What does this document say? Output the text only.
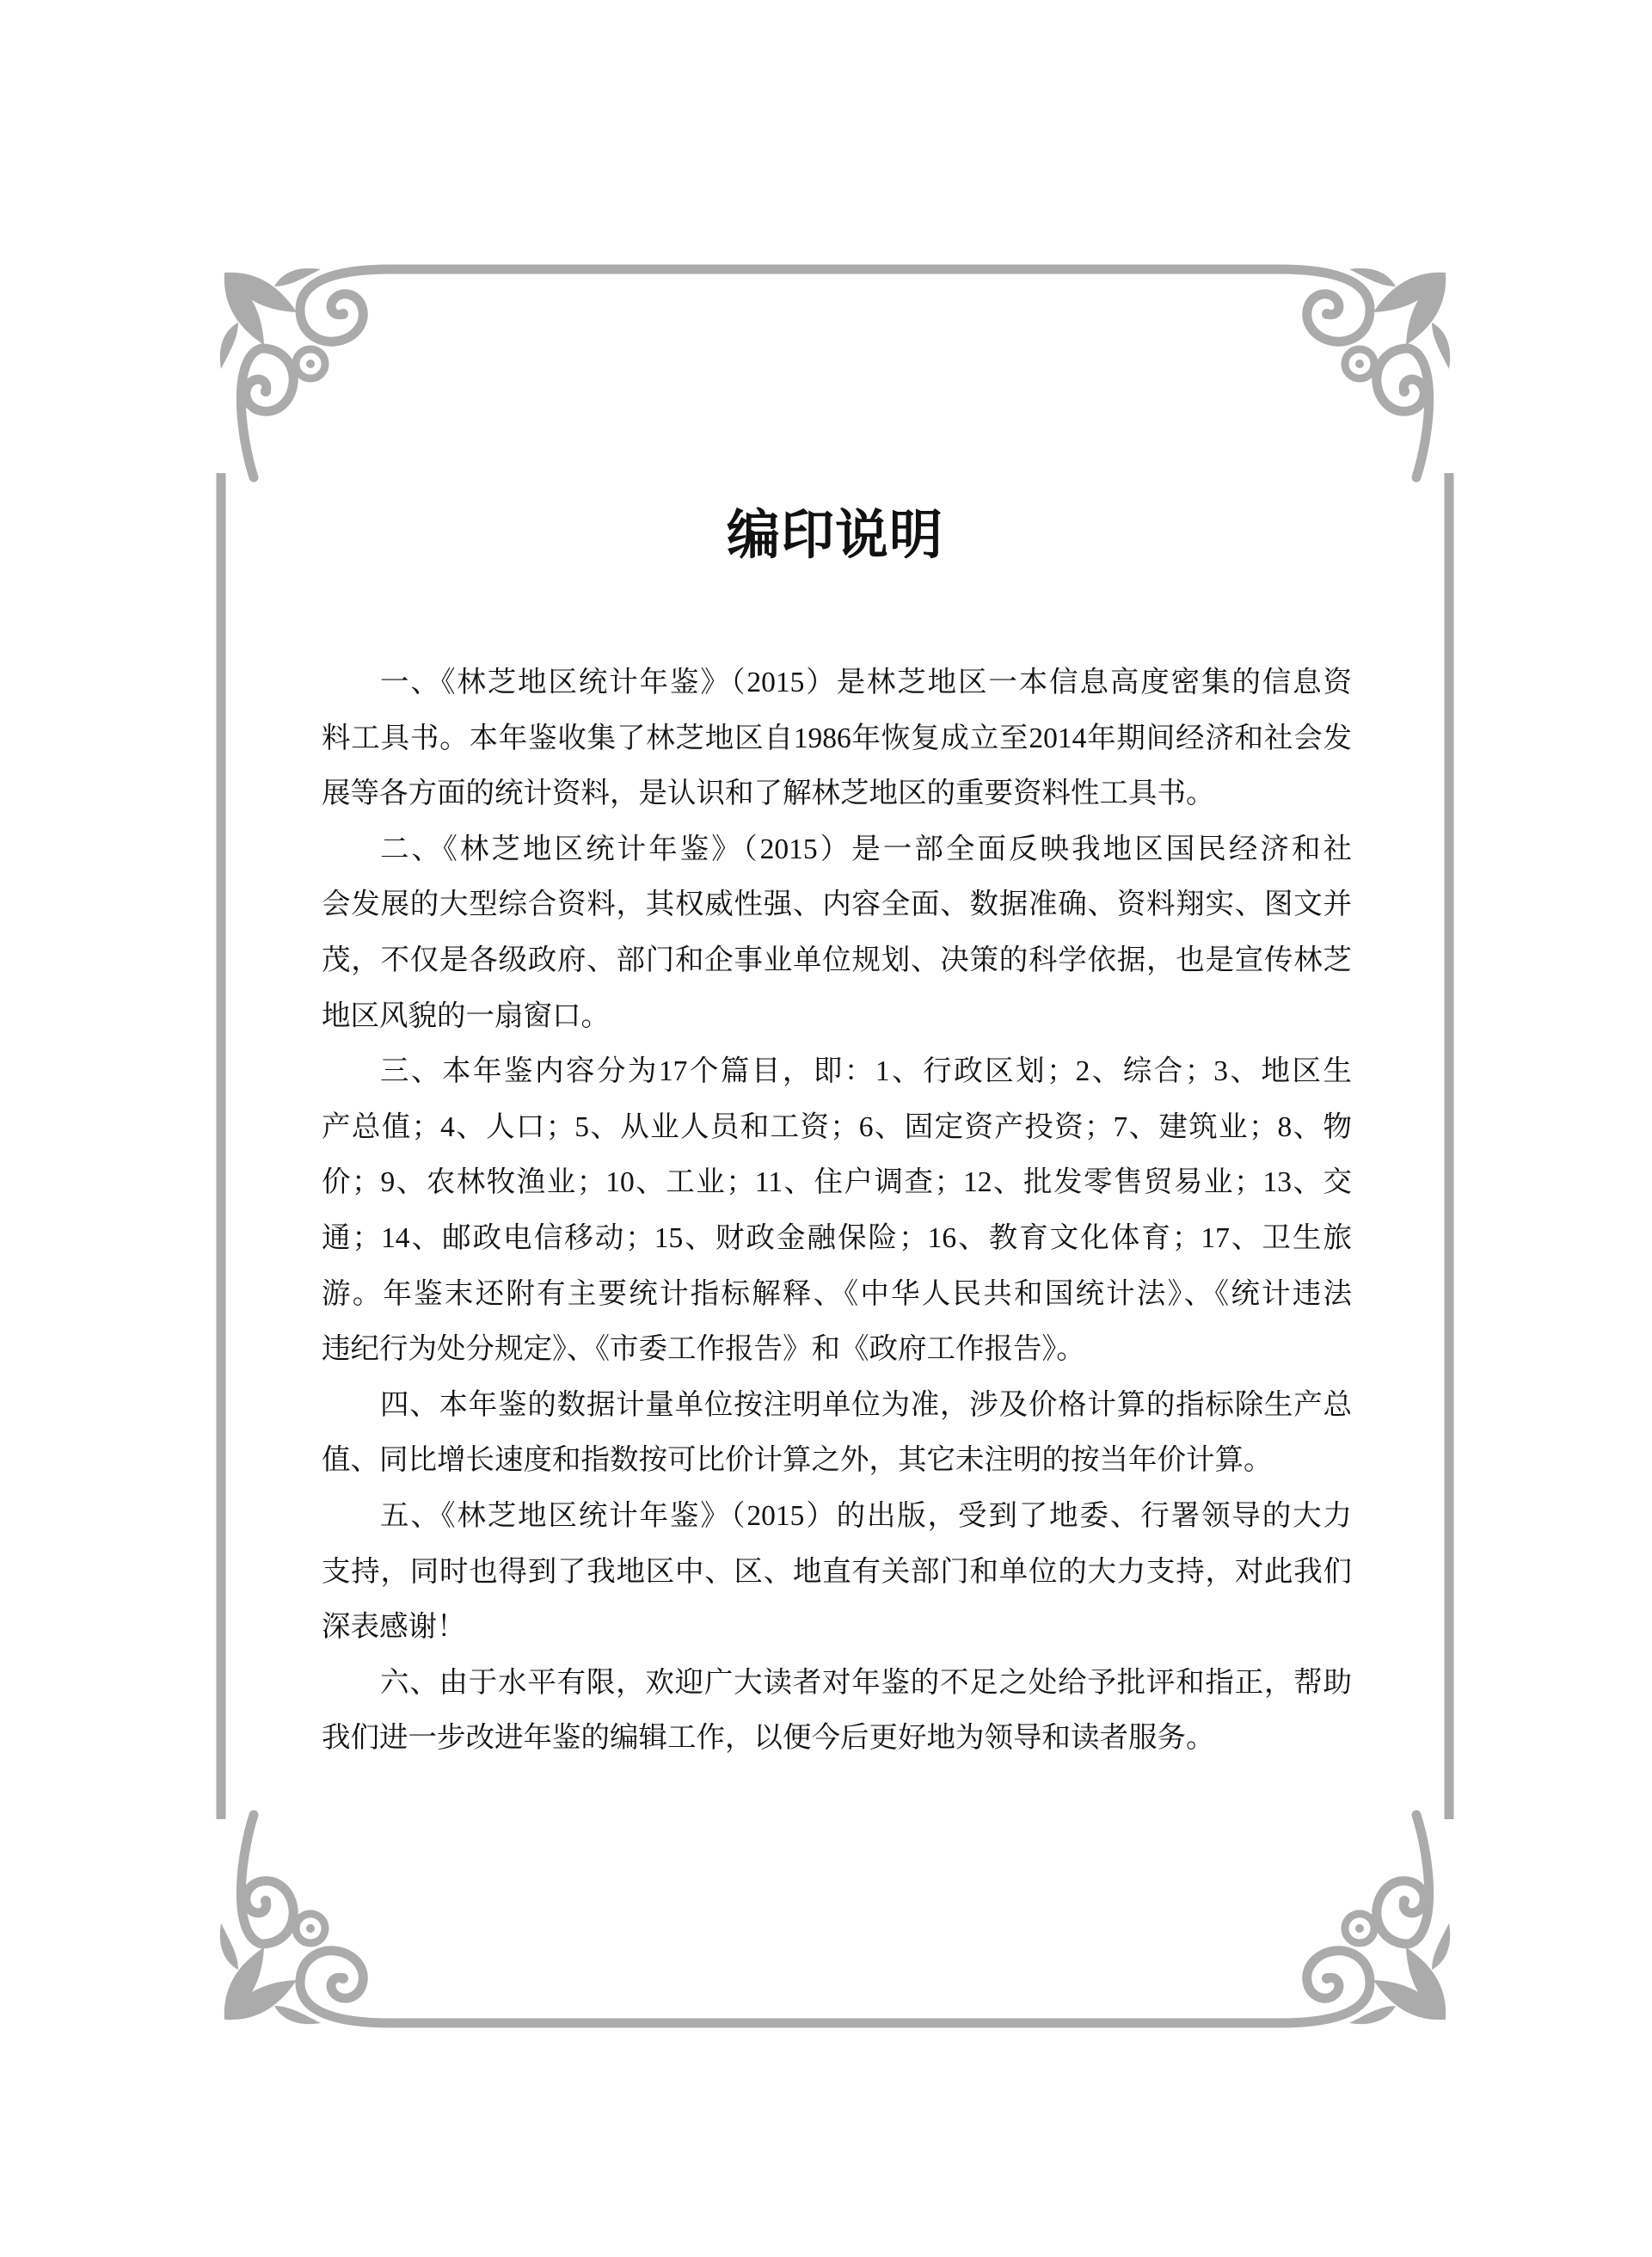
编印说明
一、《林芝地区统计年鉴》（2015）是林芝地区一本信息高度密集的信息资
料工具书。本年鉴收集了林芝地区自1986年恢复成立至2014年期间经济和社会发
展等各方面的统计资料，是认识和了解林芝地区的重要资料性工具书。
二、《林芝地区统计年鉴》（2015）是一部全面反映我地区国民经济和社
会发展的大型综合资料，其权威性强、内容全面、数据准确、资料翔实、图文并
茂，不仅是各级政府、部门和企事业单位规划、决策的科学依据，也是宣传林芝
地区风貌的一扇窗口。
三、本年鉴内容分为17个篇目，即：1、行政区划；2、综合；3、地区生
产总值；4、人口；5、从业人员和工资；6、固定资产投资；7、建筑业；8、物
价；9、农林牧渔业；10、工业；11、住户调查；12、批发零售贸易业；13、交
通；14、邮政电信移动；15、财政金融保险；16、教育文化体育；17、卫生旅
游。年鉴末还附有主要统计指标解释、《中华人民共和国统计法》、《统计违法
违纪行为处分规定》、《市委工作报告》和《政府工作报告》。
四、本年鉴的数据计量单位按注明单位为准，涉及价格计算的指标除生产总
值、同比增长速度和指数按可比价计算之外，其它未注明的按当年价计算。
五、《林芝地区统计年鉴》（2015）的出版，受到了地委、行署领导的大力
支持，同时也得到了我地区中、区、地直有关部门和单位的大力支持，对此我们
深表感谢！
六、由于水平有限，欢迎广大读者对年鉴的不足之处给予批评和指正，帮助
我们进一步改进年鉴的编辑工作，以便今后更好地为领导和读者服务。
